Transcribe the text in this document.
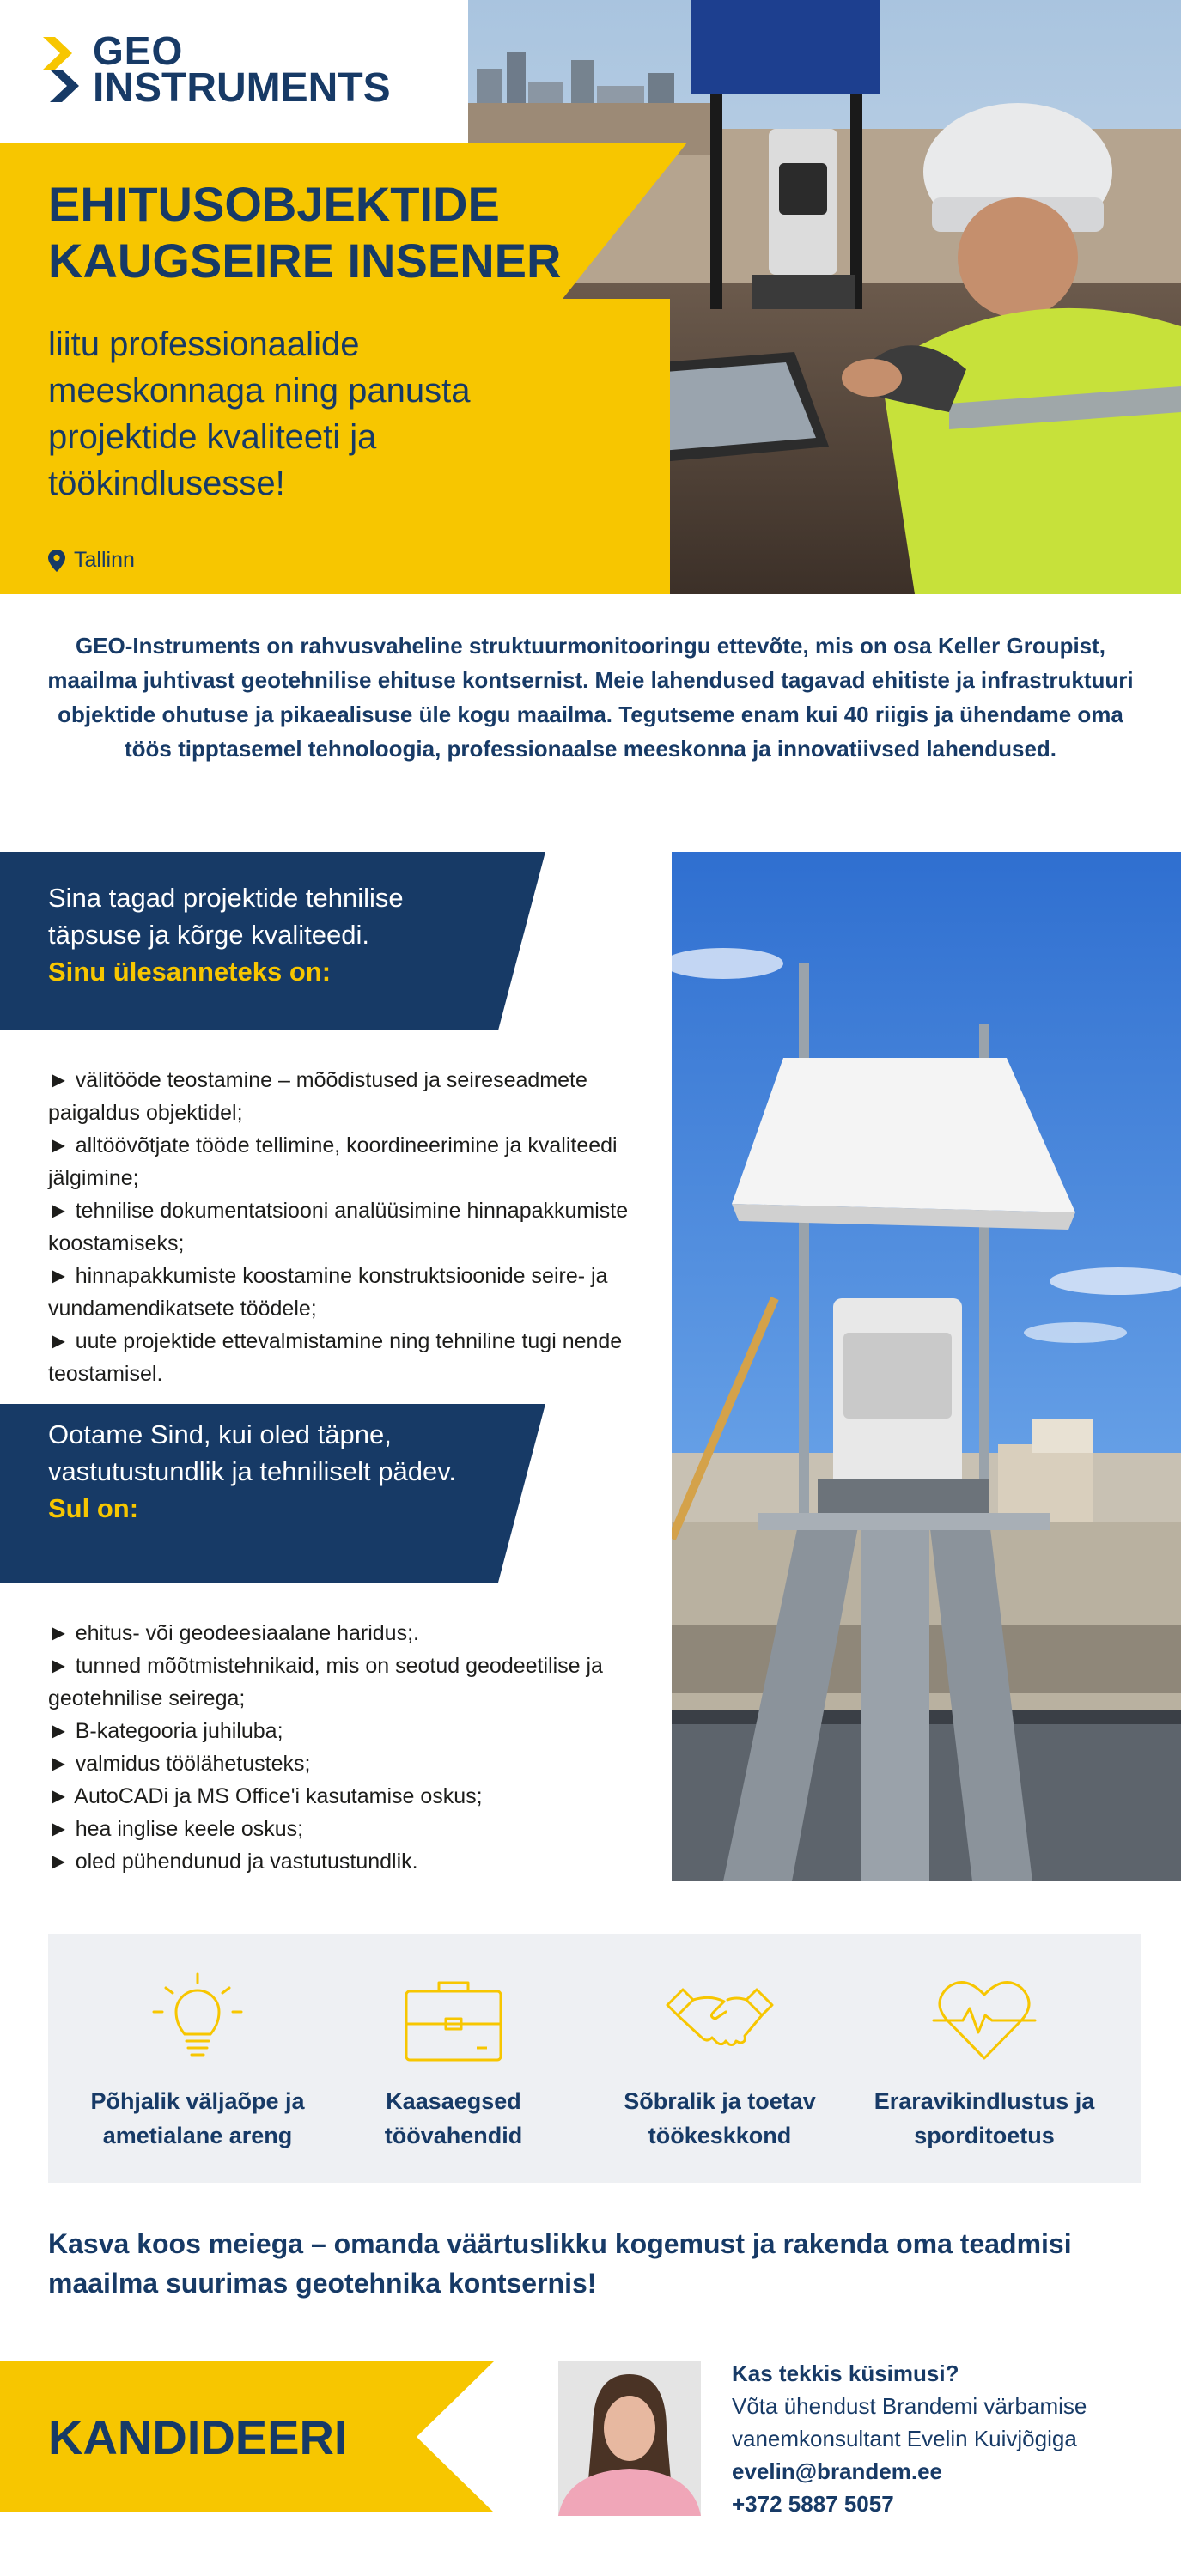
GEO
INSTRUMENTS
EHITUSOBJEKTIDE KAUGSEIRE INSENER

liitu professionaalide meeskonnaga ning panusta projektide kvaliteeti ja töökindlusesse!

Tallinn

GEO-Instruments on rahvusvaheline struktuurmonitooringu ettevõte, mis on osa Keller Groupist, maailma juhtivast geotehnilise ehituse kontsernist. Meie lahendused tagavad ehitiste ja infrastruktuuri objektide ohutuse ja pikaealisuse üle kogu maailma. Tegutseme enam kui 40 riigis ja ühendame oma töös tipptasemel tehnoloogia, professionaalse meeskonna ja innovatiivsed lahendused.

Sina tagad projektide tehnilise täpsuse ja kõrge kvaliteedi.
Sinu ülesanneteks on:
► välitööde teostamine – mõõdistused ja seireseadmete paigaldus objektidel;
► alltöövõtjate tööde tellimine, koordineerimine ja kvaliteedi jälgimine;
► tehnilise dokumentatsiooni analüüsimine hinnapakkumiste koostamiseks;
► hinnapakkumiste koostamine konstruktsioonide seire- ja vundamendikatsete töödele;
► uute projektide ettevalmistamine ning tehniline tugi nende teostamisel.
Ootame Sind, kui oled täpne, vastutustundlik ja tehniliselt pädev.
Sul on:
► ehitus- või geodeesiaalane haridus;.
► tunned mõõtmistehnikaid, mis on seotud geodeetilise ja geotehnilise seirega;
► B-kategooria juhiluba;
► valmidus töölähetusteks;
► AutoCADi ja MS Office'i kasutamise oskus;
► hea inglise keele oskus;
► oled pühendunud ja vastutustundlik.
Põhjalik väljaõpe ja ametialane areng
Kaasaegsed töövahendid
Sõbralik ja toetav töökeskkond
Eraravikindlustus ja sporditoetus

Kasva koos meiega – omanda väärtuslikku kogemust ja rakenda oma teadmisi maailma suurimas geotehnika kontsernis!

KANDIDEERI
Kas tekkis küsimusi?
Võta ühendust Brandemi värbamise
vanemkonsultant Evelin Kuivjõgiga
evelin@brandem.ee
+372 5887 5057
